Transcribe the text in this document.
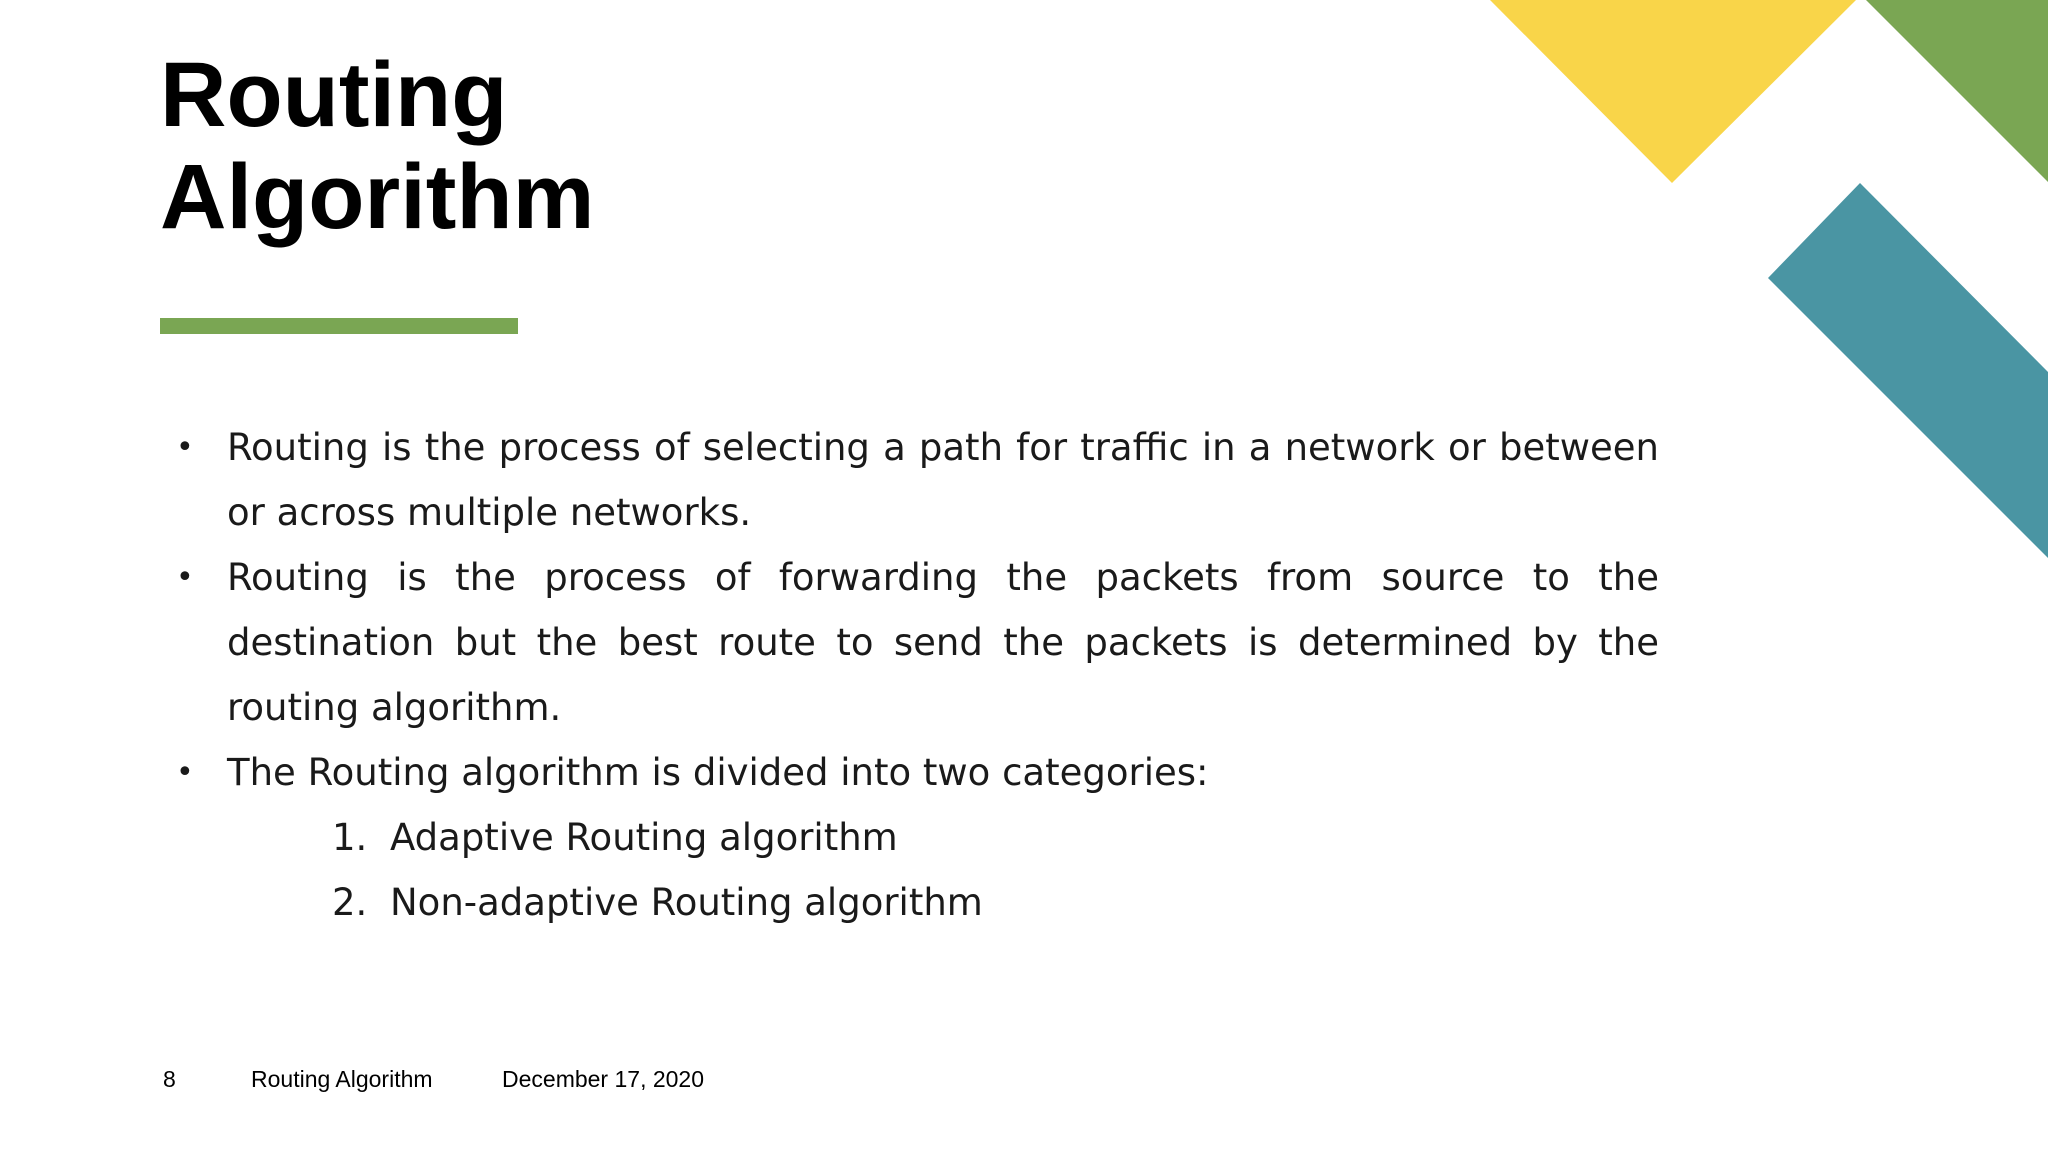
Routing
Algorithm
• Routing is the process of selecting a path for traffic in a network or between or across multiple networks.
• Routing is the process of forwarding the packets from source to the destination but the best route to send the packets is determined by the routing algorithm.
• The Routing algorithm is divided into two categories:
1. Adaptive Routing algorithm
2. Non-adaptive Routing algorithm
8	Routing Algorithm	December 17, 2020
